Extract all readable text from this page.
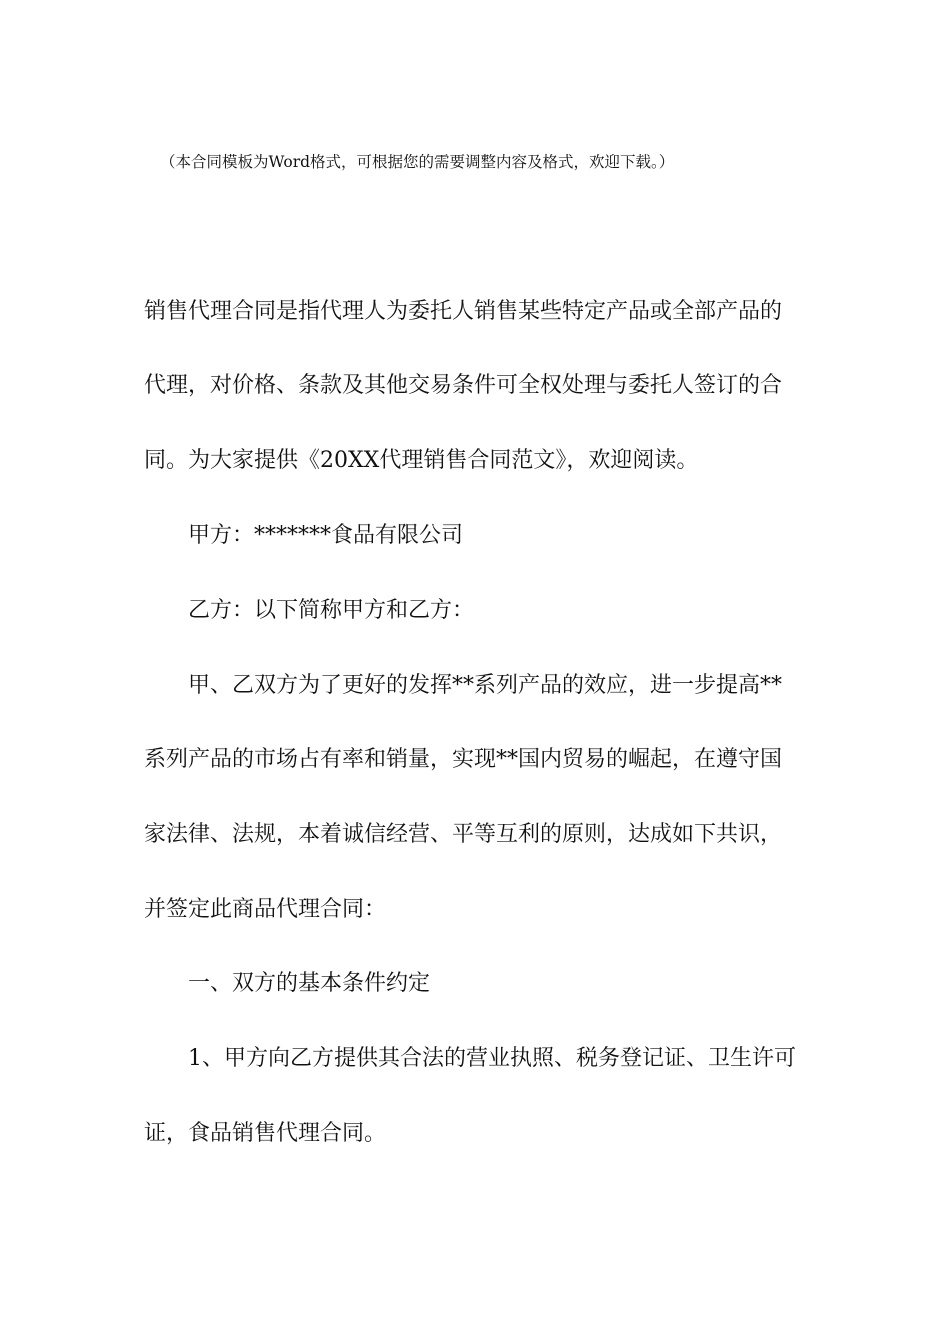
（本合同模板为Word格式，可根据您的需要调整内容及格式，欢迎下载。）
销售代理合同是指代理人为委托人销售某些特定产品或全部产品的
代理，对价格、条款及其他交易条件可全权处理与委托人签订的合
同。为大家提供《20XX代理销售合同范文》，欢迎阅读。
甲方：*******食品有限公司
乙方：以下简称甲方和乙方：
甲、乙双方为了更好的发挥**系列产品的效应，进一步提高**
系列产品的市场占有率和销量，实现**国内贸易的崛起，在遵守国
家法律、法规，本着诚信经营、平等互利的原则，达成如下共识，
并签定此商品代理合同：
一、双方的基本条件约定
1、甲方向乙方提供其合法的营业执照、税务登记证、卫生许可
证，食品销售代理合同。
